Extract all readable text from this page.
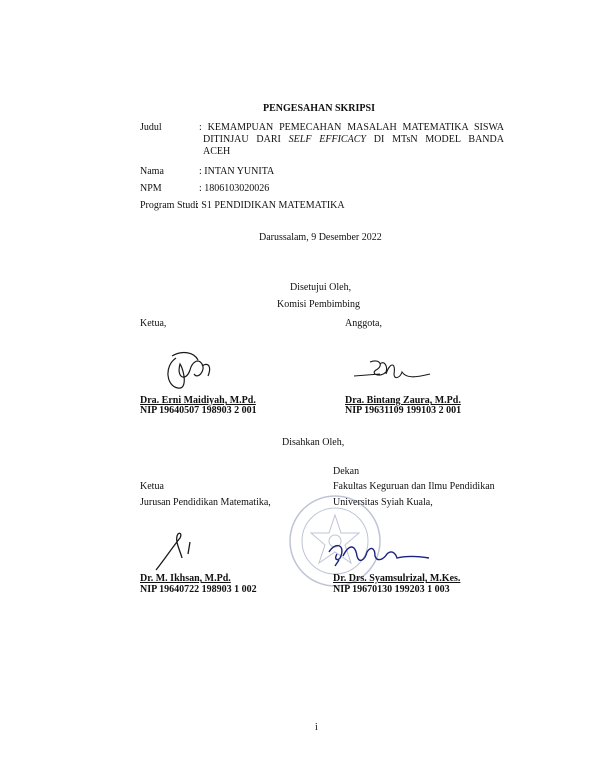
PENGESAHAN SKRIPSI
Judul	: KEMAMPUAN PEMECAHAN MASALAH MATEMATIKA SISWA
DITINJAU DARI SELF EFFICACY DI MTsN MODEL BANDA
ACEH
Nama	: INTAN YUNITA
NPM	: 1806103020026
Program Studi
: S1 PENDIDIKAN MATEMATIKA
Darussalam, 9 Desember 2022
Disetujui Oleh,
Komisi Pembimbing
Ketua,	Anggota,
Dra. Erni Maidiyah, M.Pd.
NIP 19640507 198903 2 001
Dra. Bintang Zaura, M.Pd.
NIP 19631109 199103 2 001
Disahkan Oleh,
Dekan
Ketua	Fakultas Keguruan dan Ilmu Pendidikan
Jurusan Pendidikan Matematika,	Universitas Syiah Kuala,
Dr. M. Ikhsan, M.Pd.
NIP 19640722 198903 1 002
Dr. Drs. Syamsulrizal, M.Kes.
NIP 19670130 199203 1 003
i
